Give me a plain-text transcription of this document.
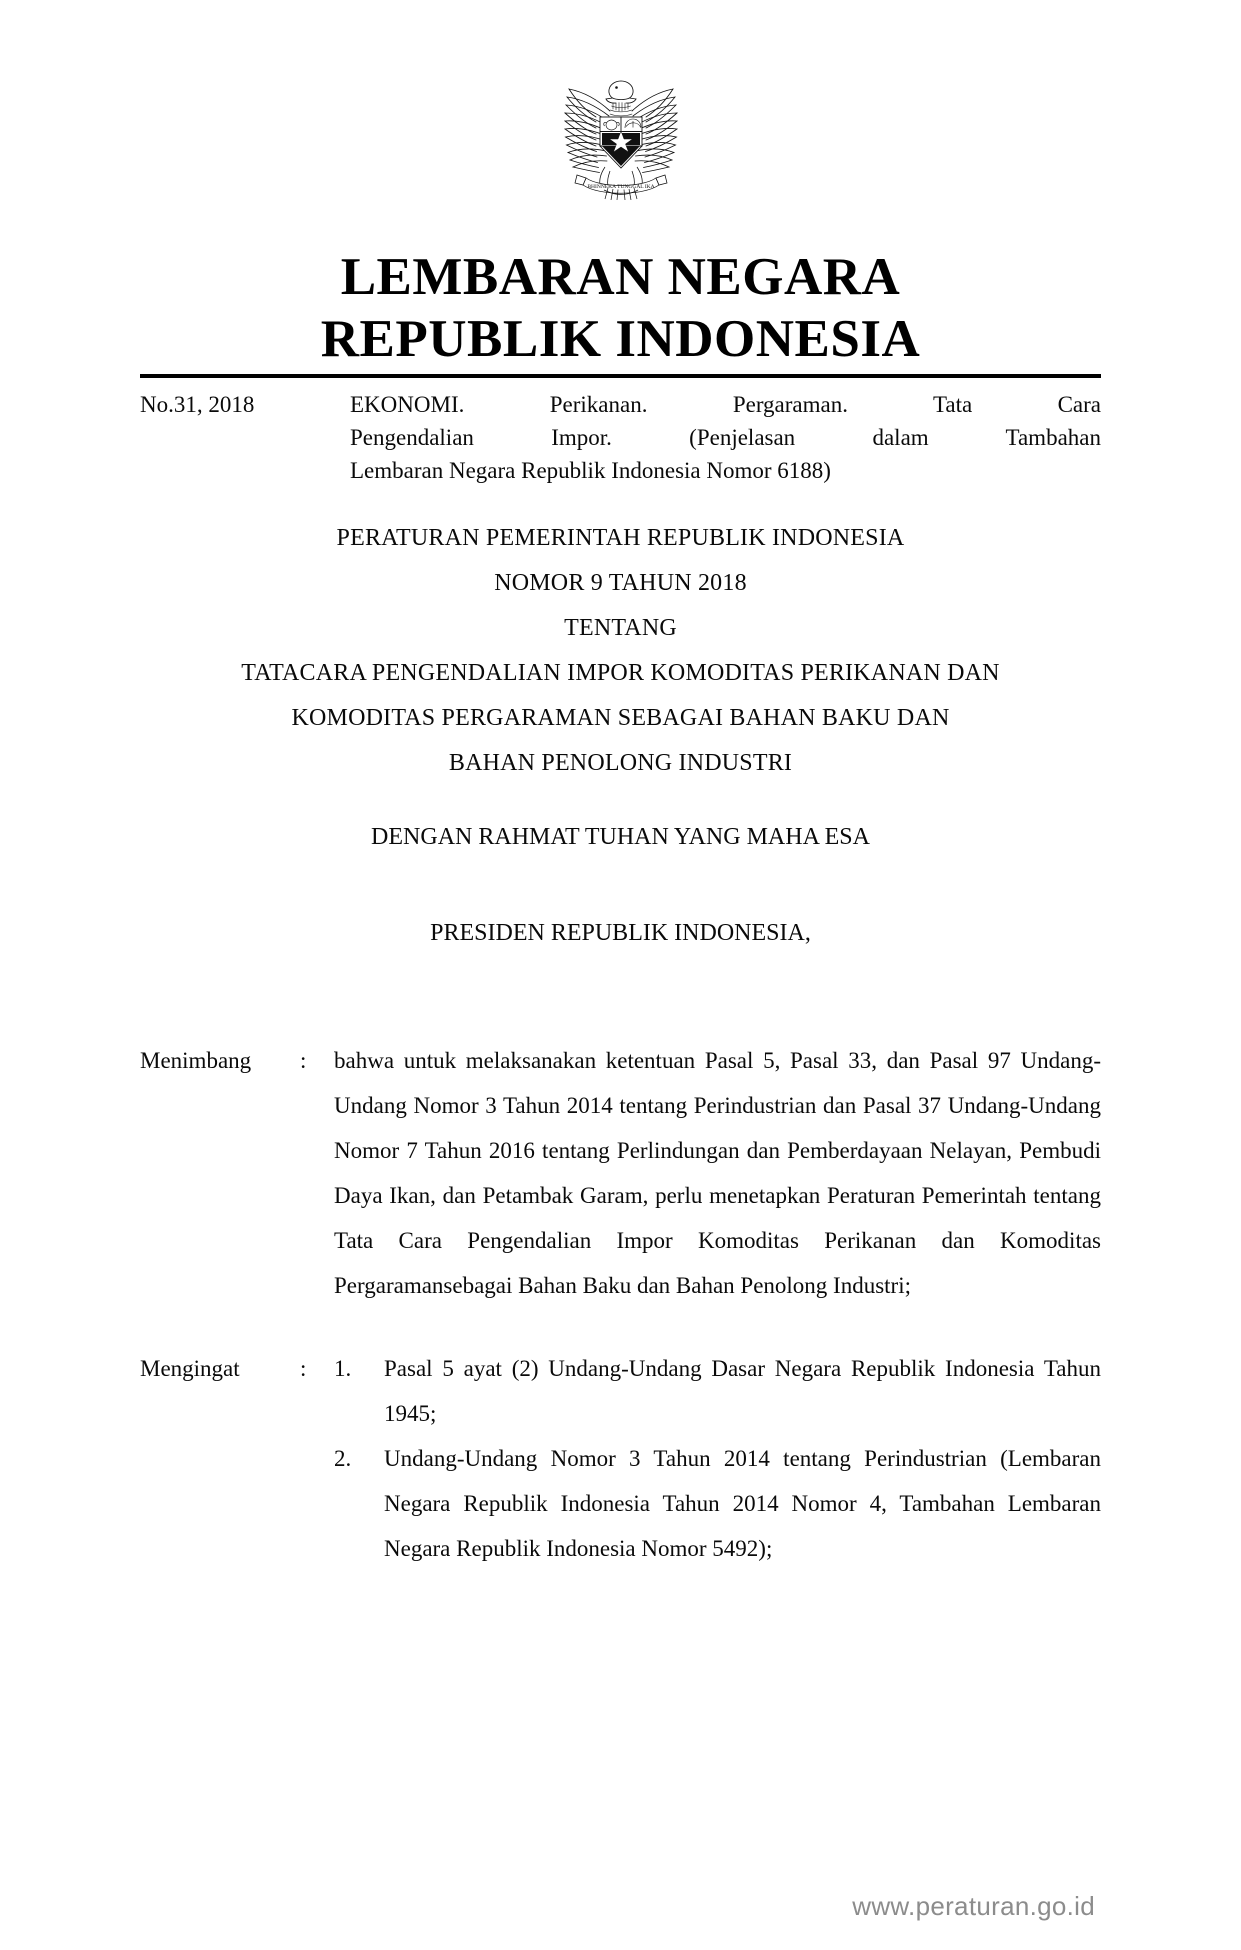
BHINNEKA TUNGGAL IKA
LEMBARAN NEGARA
REPUBLIK INDONESIA
No.31, 2018	EKONOMI. Perikanan. Pergaraman. Tata Cara
Pengendalian Impor. (Penjelasan dalam Tambahan
Lembaran Negara Republik Indonesia Nomor 6188)
PERATURAN PEMERINTAH REPUBLIK INDONESIA
NOMOR 9 TAHUN 2018
TENTANG
TATACARA PENGENDALIAN IMPOR KOMODITAS PERIKANAN DAN
KOMODITAS PERGARAMAN SEBAGAI BAHAN BAKU DAN
BAHAN PENOLONG INDUSTRI
DENGAN RAHMAT TUHAN YANG MAHA ESA
PRESIDEN REPUBLIK INDONESIA,
Menimbang	:	bahwa untuk melaksanakan ketentuan Pasal 5, Pasal 33, dan Pasal 97 Undang-Undang Nomor 3 Tahun 2014 tentang Perindustrian dan Pasal 37 Undang-Undang Nomor 7 Tahun 2016 tentang Perlindungan dan Pemberdayaan Nelayan, Pembudi Daya Ikan, dan Petambak Garam, perlu menetapkan Peraturan Pemerintah tentang Tata Cara Pengendalian Impor Komoditas Perikanan dan Komoditas Pergaramansebagai Bahan Baku dan Bahan Penolong Industri;

Mengingat	:	1.	Pasal 5 ayat (2) Undang-Undang Dasar Negara Republik Indonesia Tahun 1945;
2.	Undang-Undang Nomor 3 Tahun 2014 tentang Perindustrian (Lembaran Negara Republik Indonesia Tahun 2014 Nomor 4, Tambahan Lembaran Negara Republik Indonesia Nomor 5492);
www.peraturan.go.id
